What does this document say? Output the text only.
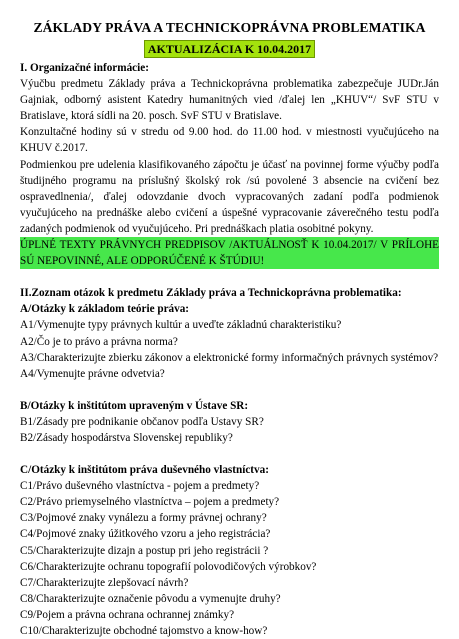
ZÁKLADY PRÁVA A TECHNICKOPRÁVNA PROBLEMATIKA
AKTUALIZÁCIA K 10.04.2017
I. Organizačné informácie:
Výučbu predmetu Základy práva a Technickoprávna problematika zabezpečuje JUDr.Ján Gajniak, odborný asistent Katedry humanitných vied /ďalej len „KHUV“/ SvF STU v Bratislave, ktorá sídli na 20. posch. SvF STU v Bratislave.
Konzultačné hodiny sú v stredu od 9.00 hod. do 11.00 hod. v miestnosti vyučujúceho na KHUV č.2017.
Podmienkou pre udelenia klasifikovaného zápočtu je účasť na povinnej forme výučby podľa študijného programu na príslušný školský rok /sú povolené 3 absencie na cvičení bez ospravedlnenia/, ďalej odovzdanie dvoch vypracovaných zadaní podľa podmienok vyučujúceho na prednáške alebo cvičení a úspešné vypracovanie záverečného testu podľa zadaných podmienok od vyučujúceho. Pri prednáškach platia osobitné pokyny.
ÚPLNÉ TEXTY PRÁVNYCH PREDPISOV /AKTUÁLNOSŤ K 10.04.2017/ V PRÍLOHE SÚ NEPOVINNÉ, ALE ODPORÚČENÉ K ŠTÚDIU!
II.Zoznam otázok k predmetu Základy práva a Technickoprávna problematika:
A/Otázky k základom teórie práva:
A1/Vymenujte typy právnych kultúr a uveďte základnú charakteristiku?
A2/Čo je to právo a právna norma?
A3/Charakterizujte zbierku zákonov a elektronické formy informačných právnych systémov?
A4/Vymenujte právne odvetvia?
B/Otázky k inštitútom upraveným v Ústave SR:
B1/Zásady pre podnikanie občanov podľa Ustavy SR?
B2/Zásady hospodárstva Slovenskej republiky?
C/Otázky k inštitútom práva duševného vlastníctva:
C1/Právo duševného vlastníctva - pojem a predmety?
C2/Právo priemyselného vlastníctva – pojem a predmety?
C3/Pojmové znaky vynálezu a formy právnej ochrany?
C4/Pojmové znaky úžitkového vzoru a jeho registrácia?
C5/Charakterizujte dizajn a postup pri jeho registrácii ?
C6/Charakterizujte ochranu topografií polovodičových výrobkov?
C7/Charakterizujte zlepšovací návrh?
C8/Charakterizujte označenie pôvodu a vymenujte druhy?
C9/Pojem a právna ochrana ochrannej známky?
C10/Charakterizujte obchodné tajomstvo a know-how?
